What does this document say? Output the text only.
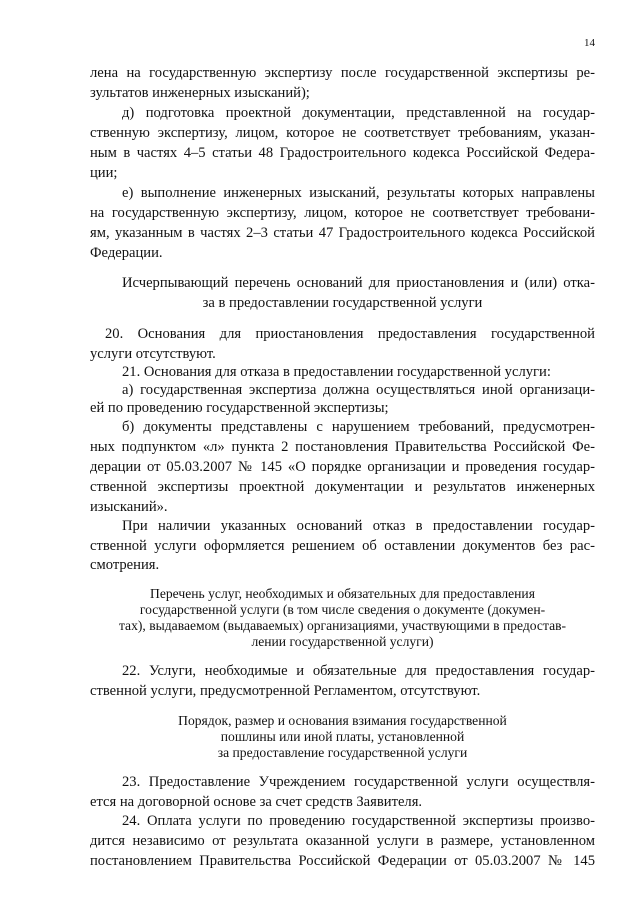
14
лена на государственную экспертизу после государственной экспертизы ре-
зультатов инженерных изысканий);
д) подготовка проектной документации, представленной на государ-
ственную экспертизу, лицом, которое не соответствует требованиям, указан-
ным в частях 4–5 статьи 48 Градостроительного кодекса Российской Федера-
ции;
е) выполнение инженерных изысканий, результаты которых направлены
на государственную экспертизу, лицом, которое не соответствует требовани-
ям, указанным в частях 2–3 статьи 47 Градостроительного кодекса Российской
Федерации.
Исчерпывающий перечень оснований для приостановления и (или) отка-
за в предоставлении государственной услуги
20. Основания для приостановления предоставления государственной
услуги отсутствуют.
21. Основания для отказа в предоставлении государственной услуги:
а) государственная экспертиза должна осуществляться иной организаци-
ей по проведению государственной экспертизы;
б) документы представлены с нарушением требований, предусмотрен-
ных подпунктом «л» пункта 2 постановления Правительства Российской Фе-
дерации от 05.03.2007 № 145 «О порядке организации и проведения государ-
ственной экспертизы проектной документации и результатов инженерных
изысканий».
При наличии указанных оснований отказ в предоставлении государ-
ственной услуги оформляется решением об оставлении документов без рас-
смотрения.
Перечень услуг, необходимых и обязательных для предоставления
государственной услуги (в том числе сведения о документе (докумен-
тах), выдаваемом (выдаваемых) организациями, участвующими в предостав-
лении государственной услуги)
22. Услуги, необходимые и обязательные для предоставления государ-
ственной услуги, предусмотренной Регламентом, отсутствуют.
Порядок, размер и основания взимания государственной
пошлины или иной платы, установленной
за предоставление государственной услуги
23. Предоставление Учреждением государственной услуги осуществля-
ется на договорной основе за счет средств Заявителя.
24. Оплата услуги по проведению государственной экспертизы произво-
дится независимо от результата оказанной услуги в размере, установленном
постановлением Правительства Российской Федерации от 05.03.2007 № 145
